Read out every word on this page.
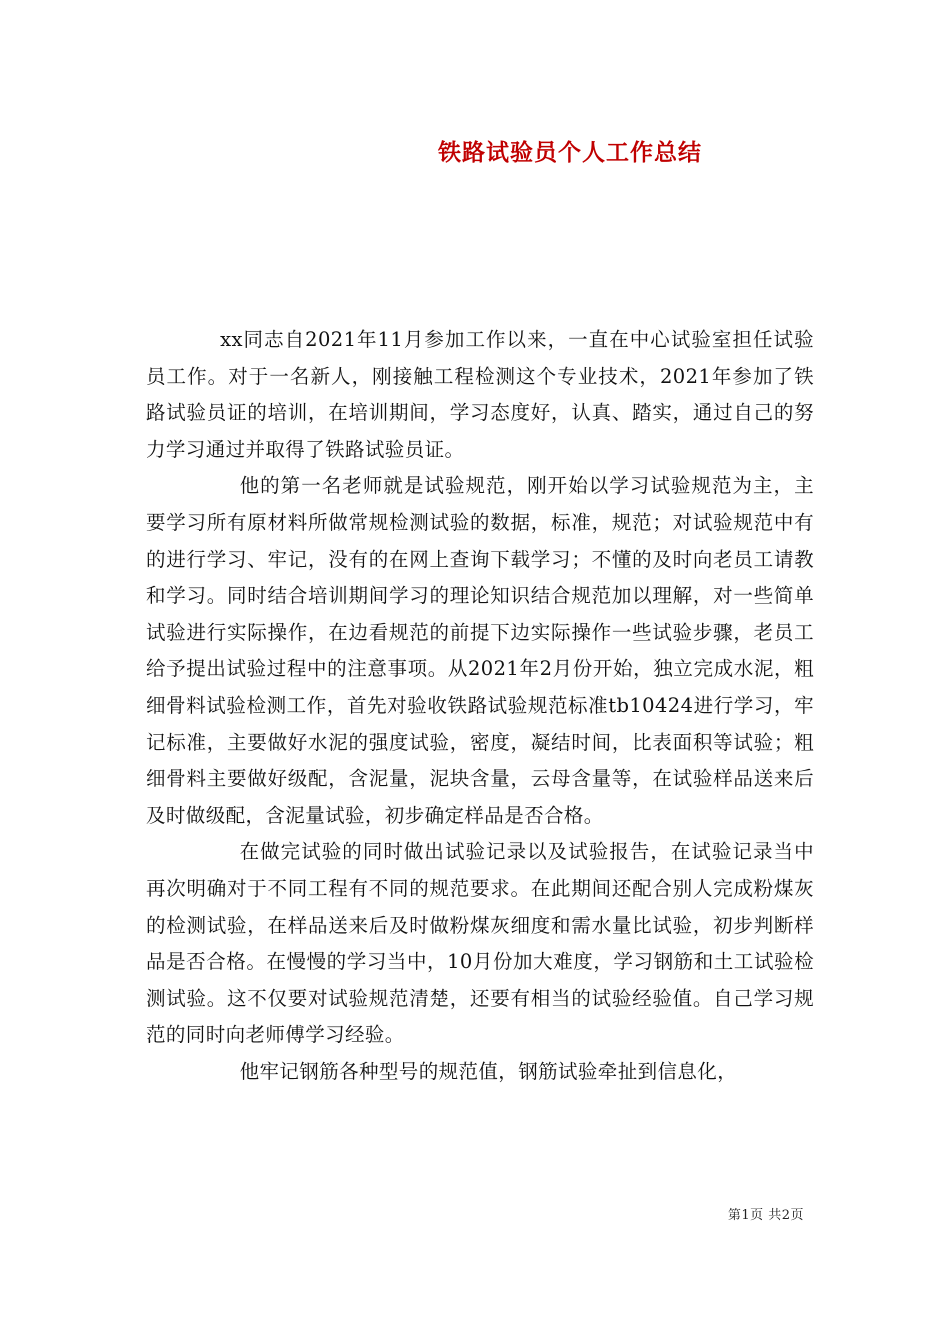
铁路试验员个人工作总结

xx同志自2021年11月参加工作以来，一直在中心试验室担任试验员工作。对于一名新人，刚接触工程检测这个专业技术，2021年参加了铁路试验员证的培训，在培训期间，学习态度好，认真、踏实，通过自己的努力学习通过并取得了铁路试验员证。

他的第一名老师就是试验规范，刚开始以学习试验规范为主，主要学习所有原材料所做常规检测试验的数据，标准，规范；对试验规范中有的进行学习、牢记，没有的在网上查询下载学习；不懂的及时向老员工请教和学习。同时结合培训期间学习的理论知识结合规范加以理解，对一些简单试验进行实际操作，在边看规范的前提下边实际操作一些试验步骤，老员工给予提出试验过程中的注意事项。从2021年2月份开始，独立完成水泥，粗细骨料试验检测工作，首先对验收铁路试验规范标准tb10424进行学习，牢记标准，主要做好水泥的强度试验，密度，凝结时间，比表面积等试验；粗细骨料主要做好级配，含泥量，泥块含量，云母含量等，在试验样品送来后及时做级配，含泥量试验，初步确定样品是否合格。

在做完试验的同时做出试验记录以及试验报告，在试验记录当中再次明确对于不同工程有不同的规范要求。在此期间还配合别人完成粉煤灰的检测试验，在样品送来后及时做粉煤灰细度和需水量比试验，初步判断样品是否合格。在慢慢的学习当中，10月份加大难度，学习钢筋和土工试验检测试验。这不仅要对试验规范清楚，还要有相当的试验经验值。自己学习规范的同时向老师傅学习经验。

他牢记钢筋各种型号的规范值，钢筋试验牵扯到信息化，

第1页 共2页
